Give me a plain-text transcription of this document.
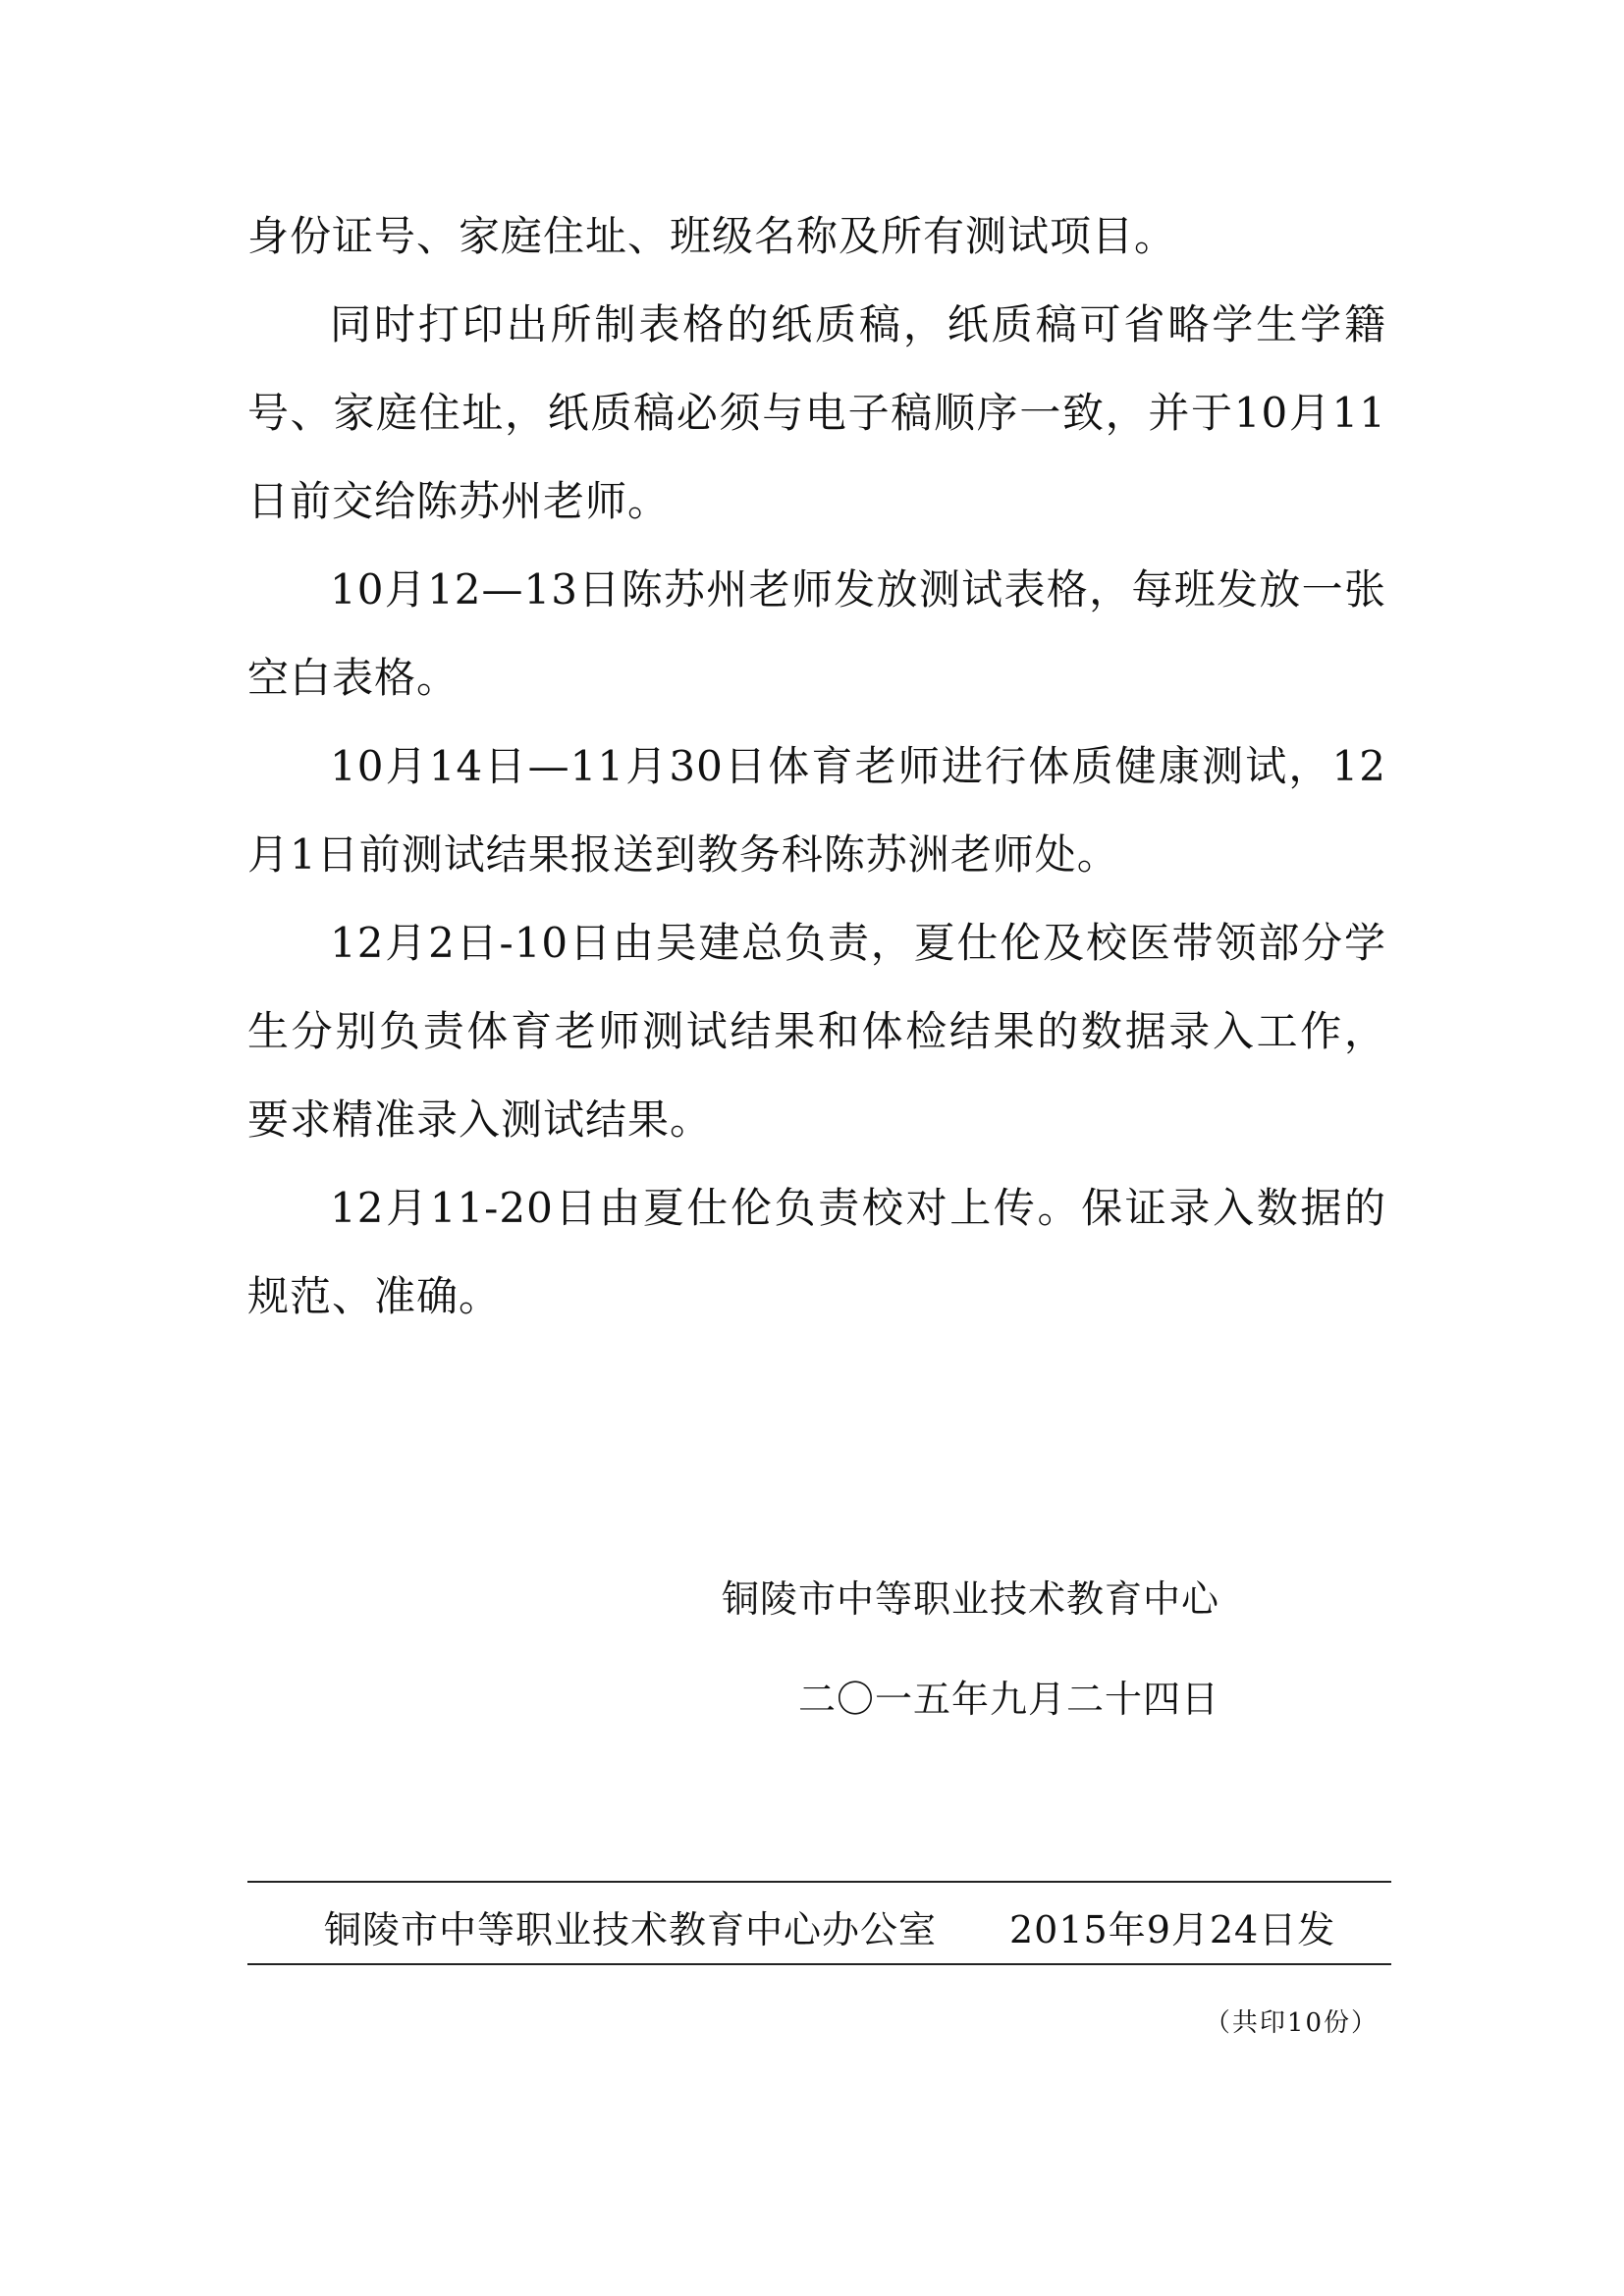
身份证号、家庭住址、班级名称及所有测试项目。

同时打印出所制表格的纸质稿，纸质稿可省略学生学籍号、家庭住址，纸质稿必须与电子稿顺序一致，并于10月11日前交给陈苏州老师。

10月12—13日陈苏州老师发放测试表格，每班发放一张空白表格。

10月14日—11月30日体育老师进行体质健康测试，12月1日前测试结果报送到教务科陈苏洲老师处。

12月2日-10日由吴建总负责，夏仕伦及校医带领部分学生分别负责体育老师测试结果和体检结果的数据录入工作，要求精准录入测试结果。

12月11-20日由夏仕伦负责校对上传。保证录入数据的规范、准确。

铜陵市中等职业技术教育中心
二〇一五年九月二十四日
铜陵市中等职业技术教育中心办公室 2015年9月24日发
（共印10份）
